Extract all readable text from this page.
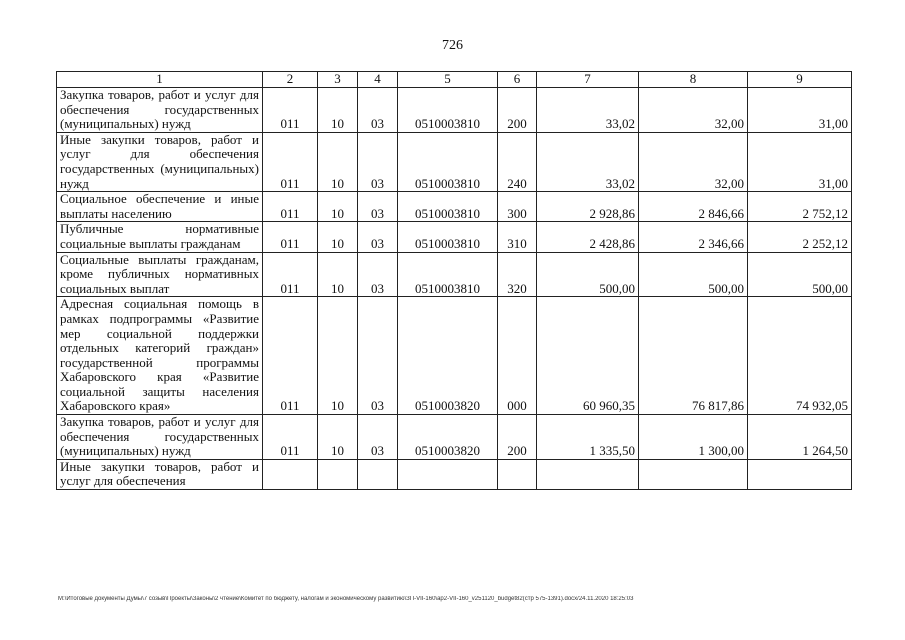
726
1	2	3	4	5	6	7	8	9
Закупка товаров, работ и услуг для обеспечения государственных (муниципальных) нужд	011	10	03	0510003810	200	33,02	32,00	31,00
Иные закупки товаров, работ и услуг для обеспечения государственных (муниципальных) нужд	011	10	03	0510003810	240	33,02	32,00	31,00
Социальное обеспечение и иные выплаты населению	011	10	03	0510003810	300	2 928,86	2 846,66	2 752,12
Публичные нормативные социальные выплаты гражданам	011	10	03	0510003810	310	2 428,86	2 346,66	2 252,12
Социальные выплаты гражданам, кроме публичных нормативных социальных выплат	011	10	03	0510003810	320	500,00	500,00	500,00
Адресная социальная помощь в рамках подпрограммы «Развитие мер социальной поддержки отдельных категорий граждан» государственной программы Хабаровского края «Развитие социальной защиты населения Хабаровского края»	011	10	03	0510003820	000	60 960,35	76 817,86	74 932,05
Закупка товаров, работ и услуг для обеспечения государственных (муниципальных) нужд	011	10	03	0510003820	200	1 335,50	1 300,00	1 264,50
Иные закупки товаров, работ и услуг для обеспечения								
M:\Итоговые документы Думы\7 созыв\Проекты\Законы\2 чтение\Комитет по бюджету, налогам и экономическому развитию\ЗП-VII-160\ар2-VII-160_v251120_budget82(стр 575-1391).docx/24.11.2020 18:25:03
